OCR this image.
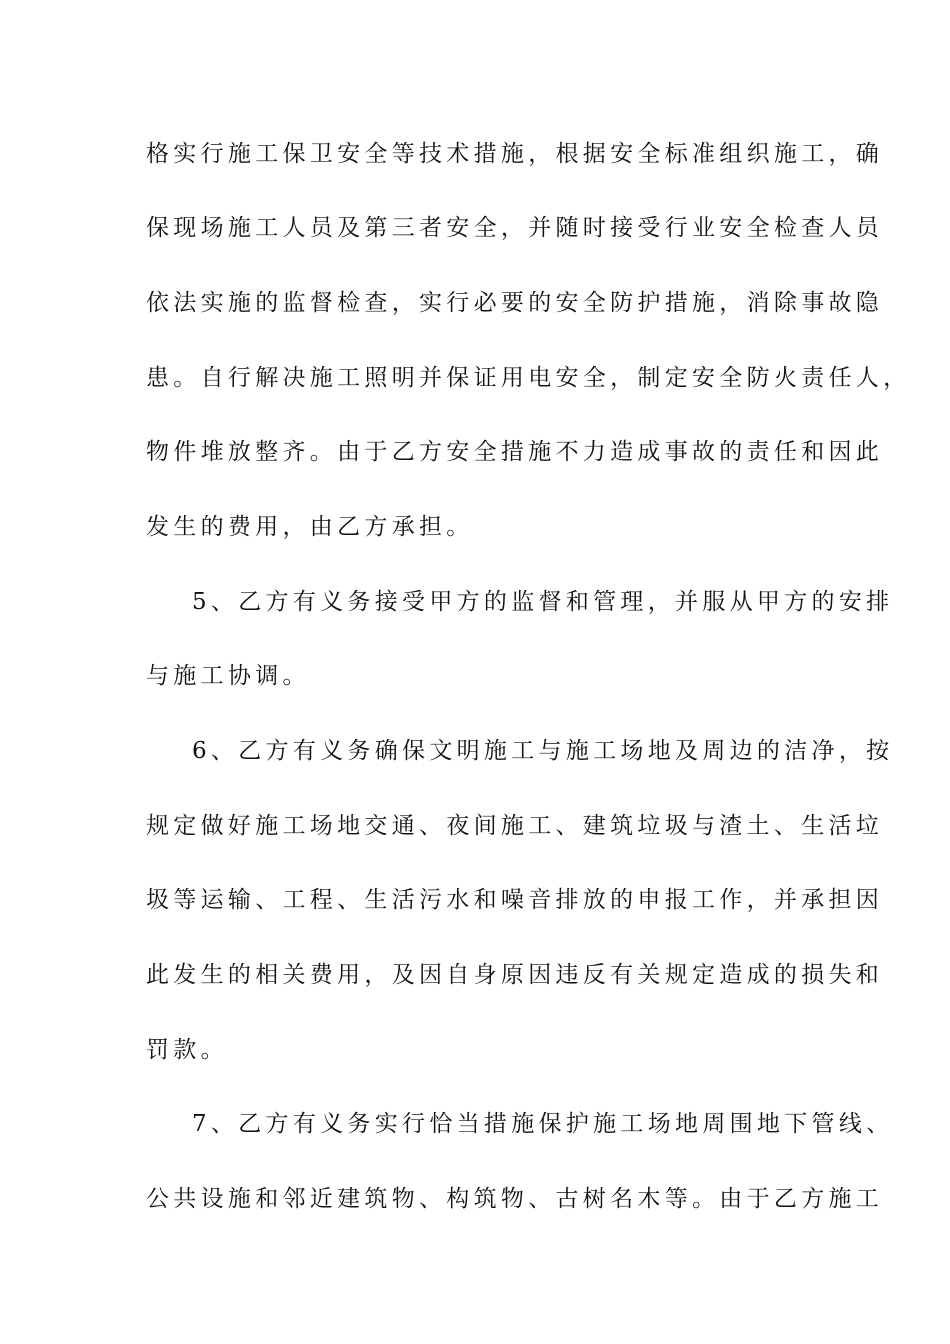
格实行施工保卫安全等技术措施，根据安全标准组织施工，确
保现场施工人员及第三者安全，并随时接受行业安全检查人员
依法实施的监督检查，实行必要的安全防护措施，消除事故隐
患。自行解决施工照明并保证用电安全，制定安全防火责任人，
物件堆放整齐。由于乙方安全措施不力造成事故的责任和因此
发生的费用，由乙方承担。
5、乙方有义务接受甲方的监督和管理，并服从甲方的安排
与施工协调。
6、乙方有义务确保文明施工与施工场地及周边的洁净，按
规定做好施工场地交通、夜间施工、建筑垃圾与渣土、生活垃
圾等运输、工程、生活污水和噪音排放的申报工作，并承担因
此发生的相关费用，及因自身原因违反有关规定造成的损失和
罚款。
7、乙方有义务实行恰当措施保护施工场地周围地下管线、
公共设施和邻近建筑物、构筑物、古树名木等。由于乙方施工
